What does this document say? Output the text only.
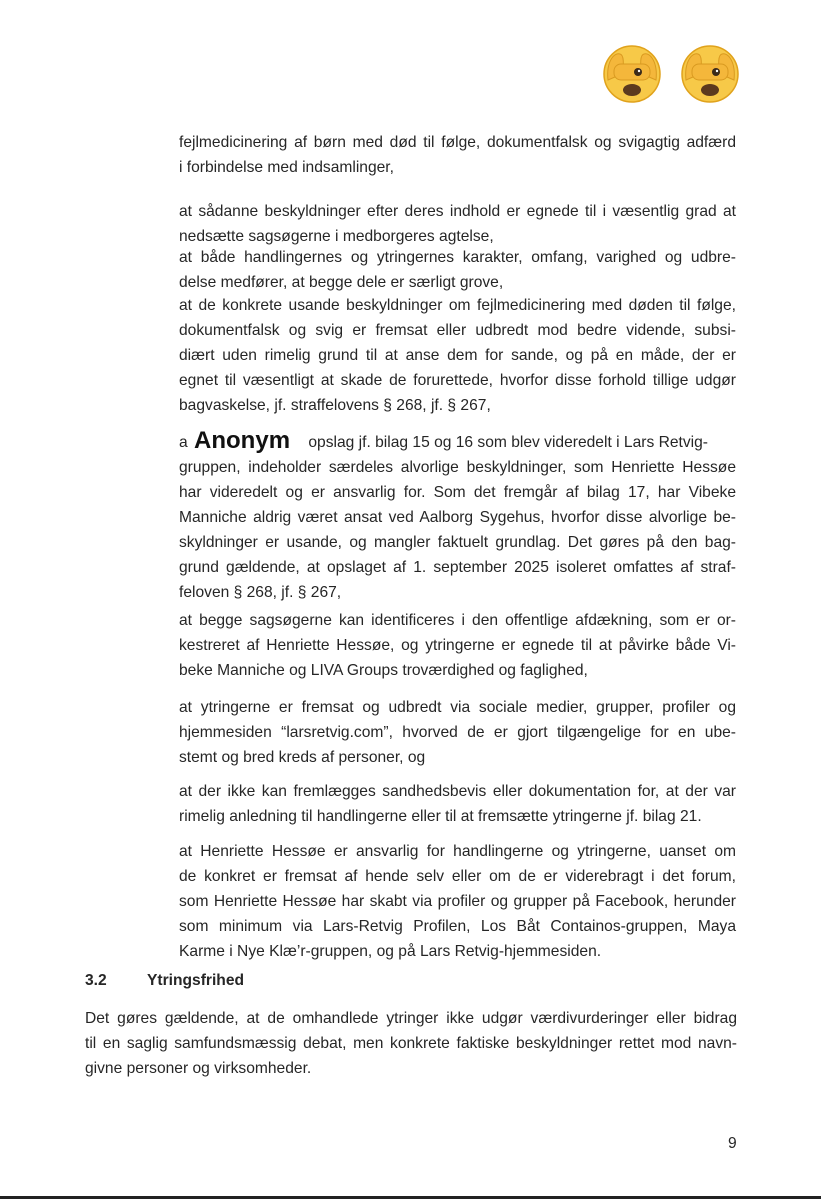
fejlmedicinering af børn med død til følge, dokumentfalsk og svigagtig adfærd
i forbindelse med indsamlinger,

at sådanne beskyldninger efter deres indhold er egnede til i væsentlig grad at
nedsætte sagsøgerne i medborgeres agtelse,

at både handlingernes og ytringernes karakter, omfang, varighed og udbre-
delse medfører, at begge dele er særligt grove,

at de konkrete usande beskyldninger om fejlmedicinering med døden til følge,
dokumentfalsk og svig er fremsat eller udbredt mod bedre vidende, subsi-
diært uden rimelig grund til at anse dem for sande, og på en måde, der er
egnet til væsentligt at skade de forurettede, hvorfor disse forhold tillige udgør
bagvaskelse, jf. straffelovens § 268, jf. § 267,

a Anonym opslag jf. bilag 15 og 16 som blev videredelt i Lars Retvig-
gruppen, indeholder særdeles alvorlige beskyldninger, som Henriette Hessøe
har videredelt og er ansvarlig for. Som det fremgår af bilag 17, har Vibeke
Manniche aldrig været ansat ved Aalborg Sygehus, hvorfor disse alvorlige be-
skyldninger er usande, og mangler faktuelt grundlag. Det gøres på den bag-
grund gældende, at opslaget af 1. september 2025 isoleret omfattes af straf-
feloven § 268, jf. § 267,

at begge sagsøgerne kan identificeres i den offentlige afdækning, som er or-
kestreret af Henriette Hessøe, og ytringerne er egnede til at påvirke både Vi-
beke Manniche og LIVA Groups troværdighed og faglighed,

at ytringerne er fremsat og udbredt via sociale medier, grupper, profiler og
hjemmesiden “larsretvig.com”, hvorved de er gjort tilgængelige for en ube-
stemt og bred kreds af personer, og

at der ikke kan fremlægges sandhedsbevis eller dokumentation for, at der var
rimelig anledning til handlingerne eller til at fremsætte ytringerne jf. bilag 21.

at Henriette Hessøe er ansvarlig for handlingerne og ytringerne, uanset om
de konkret er fremsat af hende selv eller om de er viderebragt i det forum,
som Henriette Hessøe har skabt via profiler og grupper på Facebook, herunder
som minimum via Lars-Retvig Profilen, Los Båt Containos-gruppen, Maya
Karme i Nye Klæ’r-gruppen, og på Lars Retvig-hjemmesiden.

3.2	Ytringsfrihed

Det gøres gældende, at de omhandlede ytringer ikke udgør værdivurderinger eller bidrag
til en saglig samfundsmæssig debat, men konkrete faktiske beskyldninger rettet mod navn-
givne personer og virksomheder.

9
